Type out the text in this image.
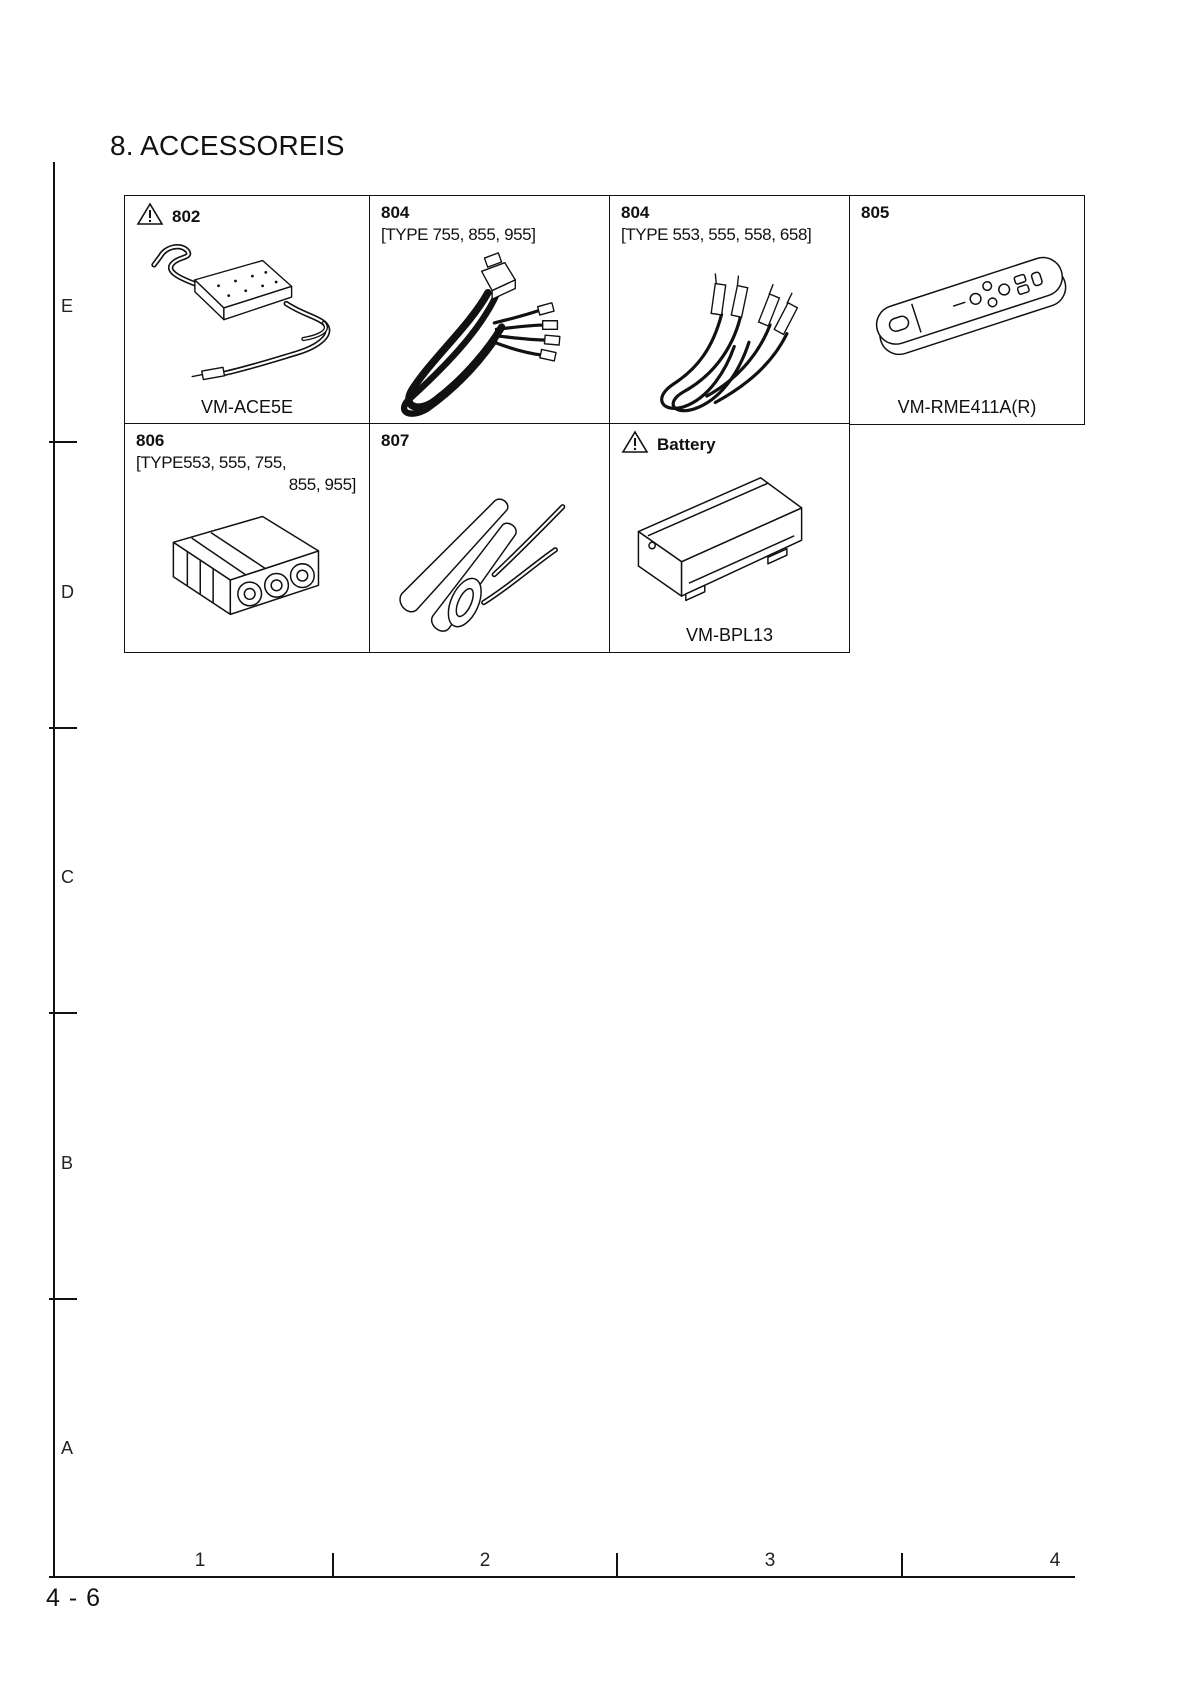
8. ACCESSOREIS
E
D
C
B
A
1	2	3	4
4 - 6
802
VM-ACE5E
804
[TYPE 755, 855, 955]
804
[TYPE 553, 555, 558, 658]
805
VM-RME411A(R)
806
[TYPE553, 555, 755,
855, 955]
807	Battery
VM-BPL13
